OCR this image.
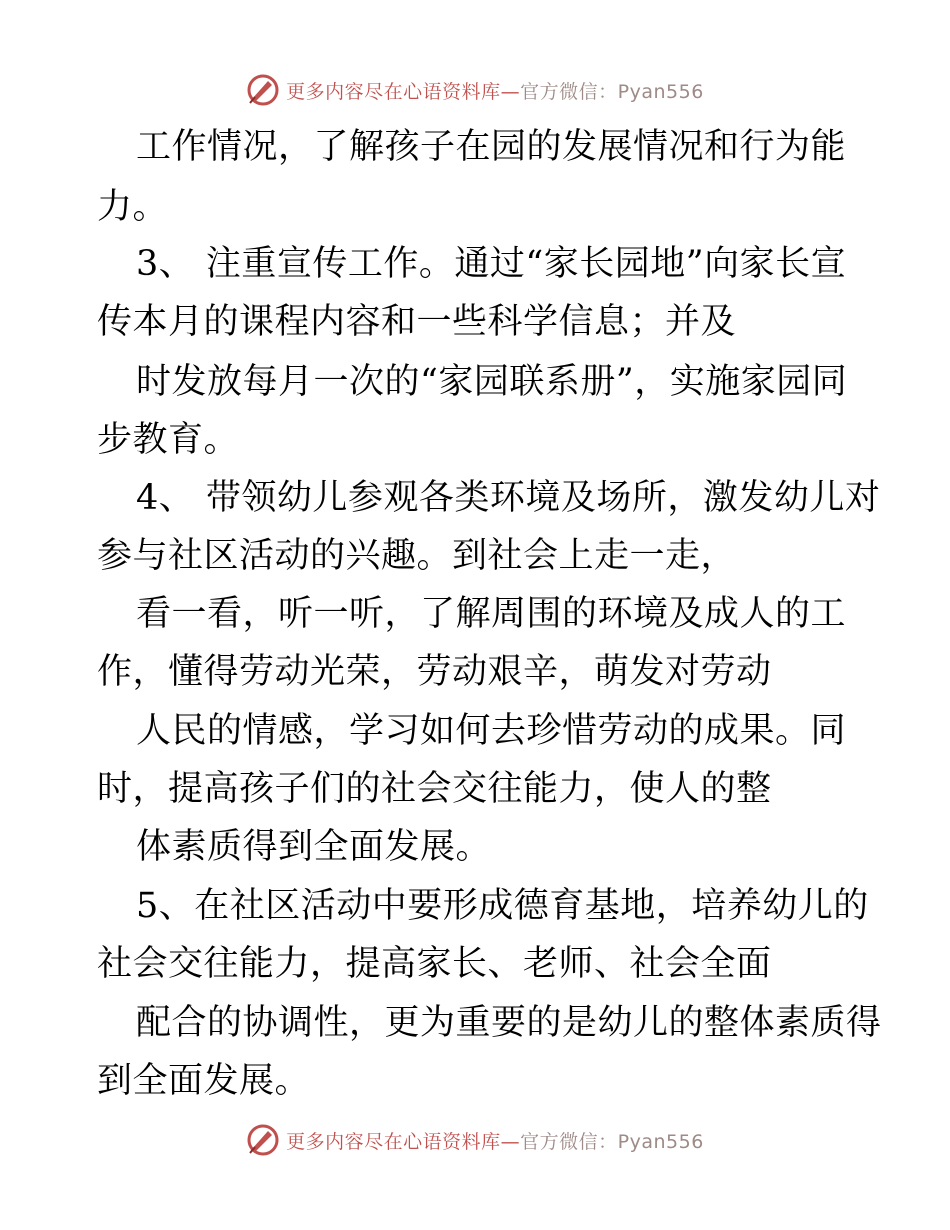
更多内容尽在心语资料库—官方微信：Pyan556
工作情况，了解孩子在园的发展情况和行为能
力。
3、 注重宣传工作。通过“家长园地”向家长宣
传本月的课程内容和一些科学信息；并及
时发放每月一次的“家园联系册”，实施家园同
步教育。
4、 带领幼儿参观各类环境及场所，激发幼儿对
参与社区活动的兴趣。到社会上走一走，
看一看，听一听，了解周围的环境及成人的工
作，懂得劳动光荣，劳动艰辛，萌发对劳动
人民的情感，学习如何去珍惜劳动的成果。同
时，提高孩子们的社会交往能力，使人的整
体素质得到全面发展。
5、在社区活动中要形成德育基地，培养幼儿的
社会交往能力，提高家长、老师、社会全面
配合的协调性，更为重要的是幼儿的整体素质得
到全面发展。
更多内容尽在心语资料库—官方微信：Pyan556
